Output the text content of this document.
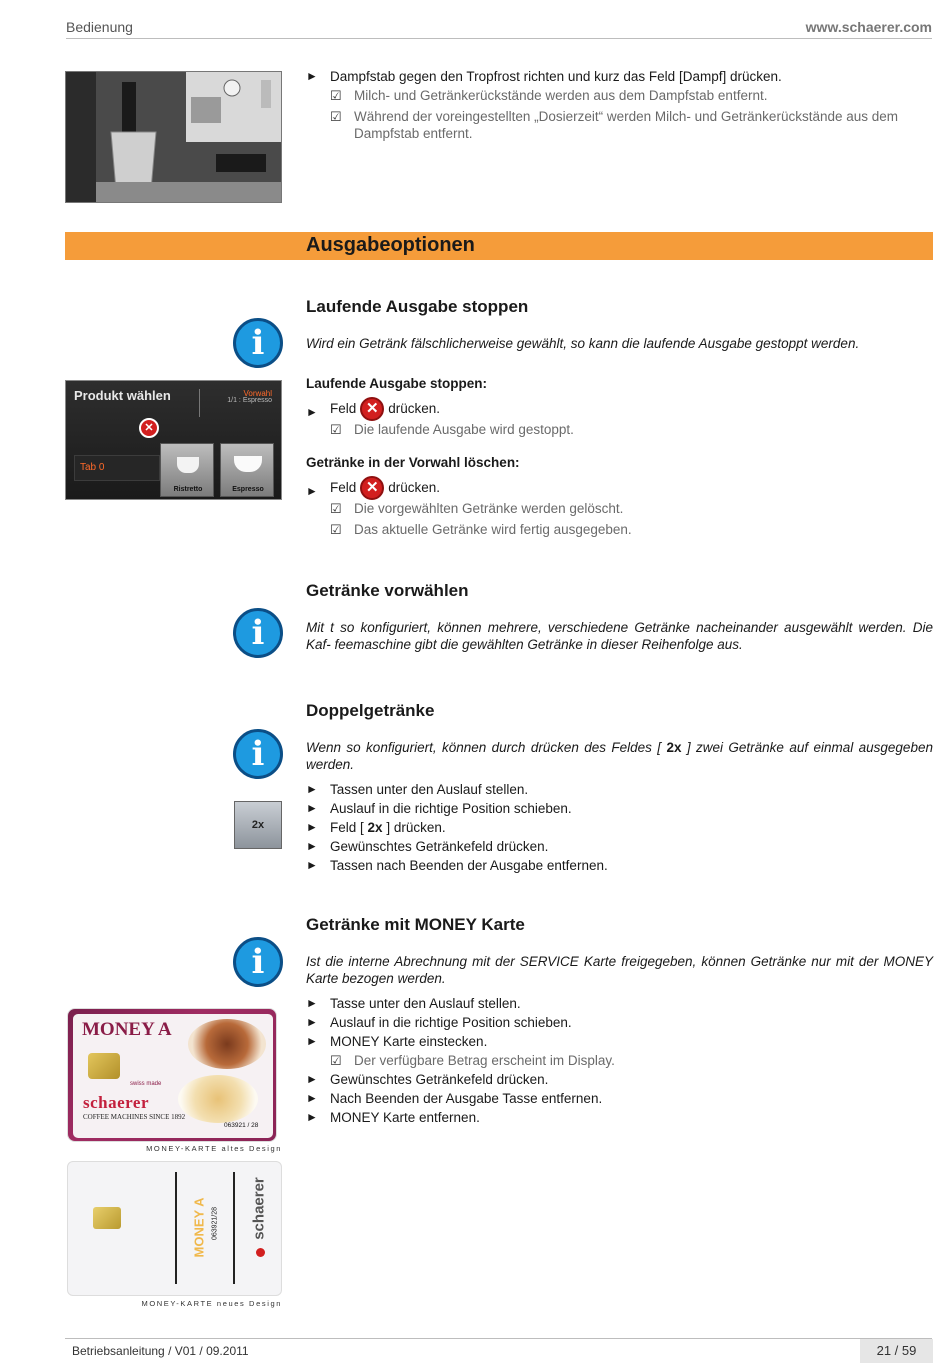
Bedienung	www.schaerer.com
► Dampfstab gegen den Tropfrost richten und kurz das Feld [Dampf] drücken.
☑ Milch- und Getränkerückstände werden aus dem Dampfstab entfernt.
☑ Während der voreingestellten „Dosierzeit“ werden Milch- und Getränkerückstände aus dem Dampfstab entfernt.
Ausgabeoptionen
Laufende Ausgabe stoppen
i	Wird ein Getränk fälschlicherweise gewählt, so kann die laufende Ausgabe gestoppt werden.
Laufende Ausgabe stoppen:
► Feld ✕ drücken.
☑ Die laufende Ausgabe wird gestoppt.
Getränke in der Vorwahl löschen:
► Feld ✕ drücken.
☑ Die vorgewählten Getränke werden gelöscht.
☑ Das aktuelle Getränke wird fertig ausgegeben.
Produkt wählen	Vorwahl
1/1 : Espresso
✕
Tab 0
Ristretto	Espresso
Getränke vorwählen
i	Mit t so konfiguriert, können mehrere, verschiedene Getränke nacheinander ausgewählt werden. Die Kaf- feemaschine gibt die gewählten Getränke in dieser Reihenfolge aus.
Doppelgetränke
i	Wenn so konfiguriert, können durch drücken des Feldes [ 2x ] zwei Getränke auf einmal ausgegeben werden.
2x
► Tassen unter den Auslauf stellen.
► Auslauf in die richtige Position schieben.
► Feld [ 2x ] drücken.
► Gewünschtes Getränkefeld drücken.
► Tassen nach Beenden der Ausgabe entfernen.
Getränke mit MONEY Karte
i	Ist die interne Abrechnung mit der SERVICE Karte freigegeben, können Getränke nur mit der MONEY Karte bezogen werden.
► Tasse unter den Auslauf stellen.
► Auslauf in die richtige Position schieben.
► MONEY Karte einstecken.
☑ Der verfügbare Betrag erscheint im Display.
► Gewünschtes Getränkefeld drücken.
► Nach Beenden der Ausgabe Tasse entfernen.
► MONEY Karte entfernen.
MONEY A
swiss made
schaerer
COFFEE MACHINES SINCE 1892
063921 / 28
MONEY-KARTE altes Design
MONEY A 063921/28 schaerer
MONEY-KARTE neues Design
Betriebsanleitung / V01 / 09.2011	21 / 59
